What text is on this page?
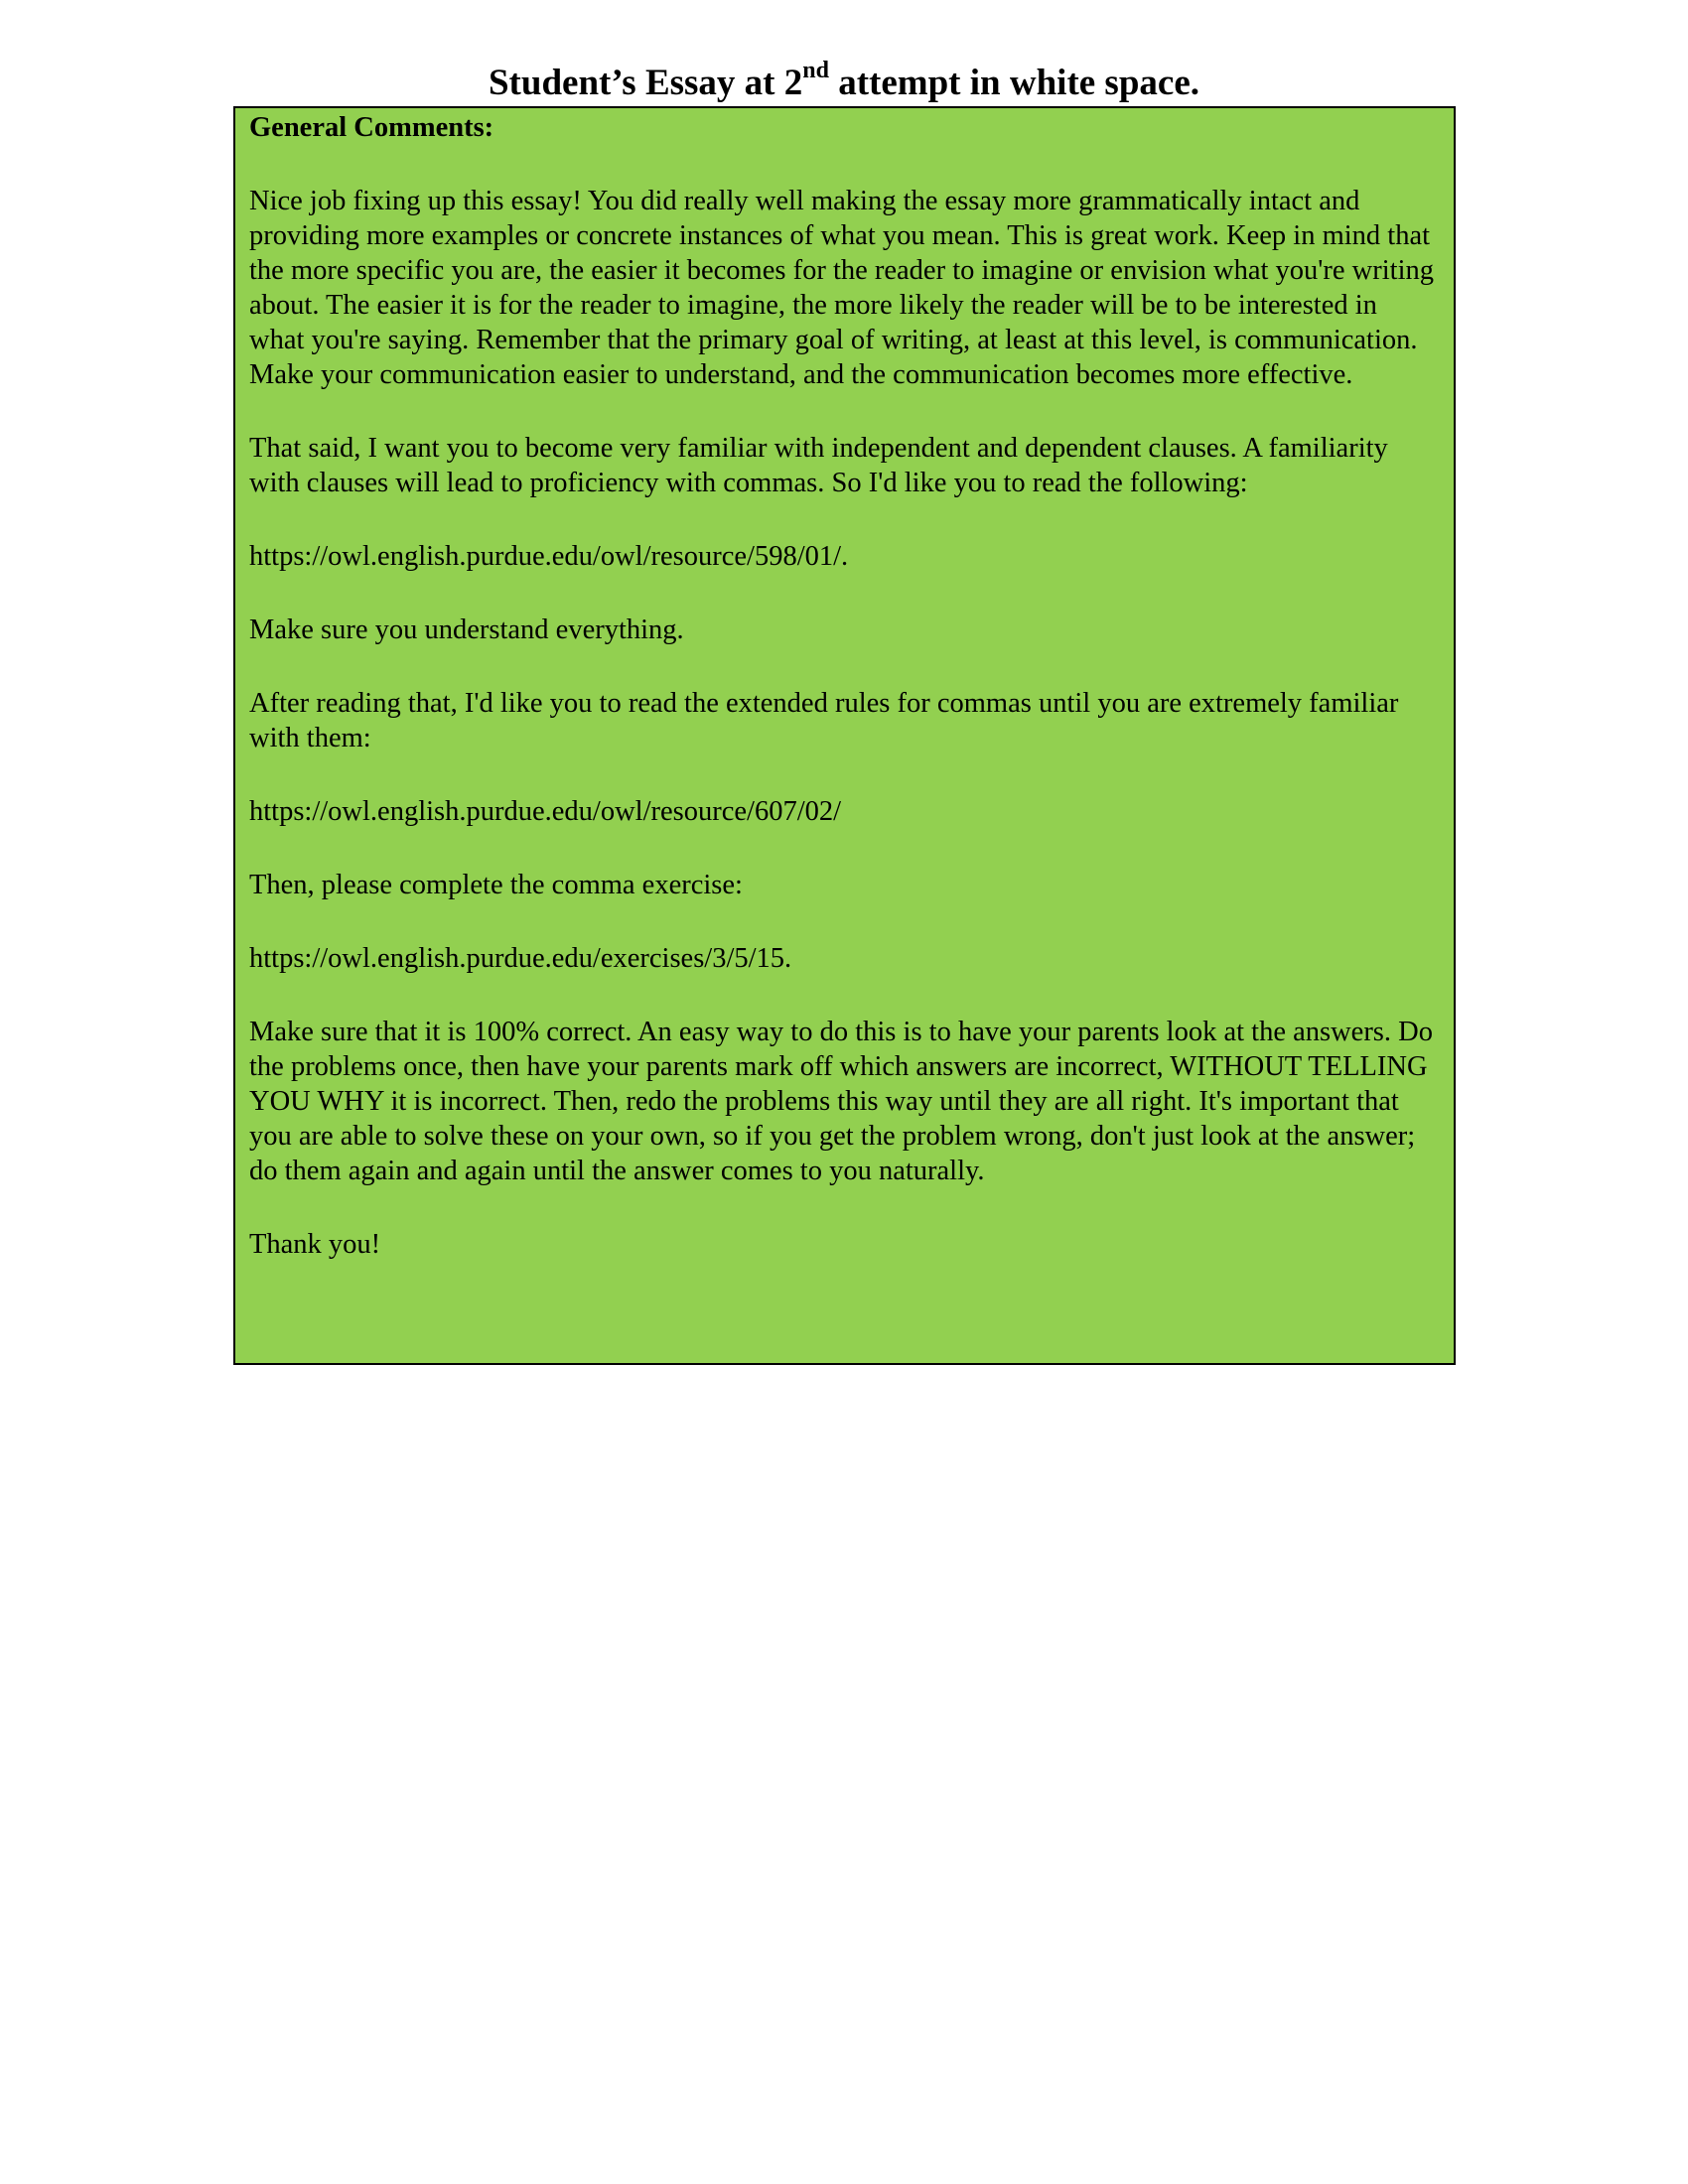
Student’s Essay at 2nd attempt in white space.

General Comments:

Nice job fixing up this essay! You did really well making the essay more grammatically intact and providing more examples or concrete instances of what you mean. This is great work. Keep in mind that the more specific you are, the easier it becomes for the reader to imagine or envision what you're writing about. The easier it is for the reader to imagine, the more likely the reader will be to be interested in what you're saying. Remember that the primary goal of writing, at least at this level, is communication. Make your communication easier to understand, and the communication becomes more effective.

That said, I want you to become very familiar with independent and dependent clauses. A familiarity with clauses will lead to proficiency with commas. So I'd like you to read the following:

https://owl.english.purdue.edu/owl/resource/598/01/.

Make sure you understand everything.

After reading that, I'd like you to read the extended rules for commas until you are extremely familiar with them:

https://owl.english.purdue.edu/owl/resource/607/02/

Then, please complete the comma exercise:

https://owl.english.purdue.edu/exercises/3/5/15.

Make sure that it is 100% correct. An easy way to do this is to have your parents look at the answers. Do the problems once, then have your parents mark off which answers are incorrect, WITHOUT TELLING YOU WHY it is incorrect. Then, redo the problems this way until they are all right. It's important that you are able to solve these on your own, so if you get the problem wrong, don't just look at the answer; do them again and again until the answer comes to you naturally.

Thank you!
